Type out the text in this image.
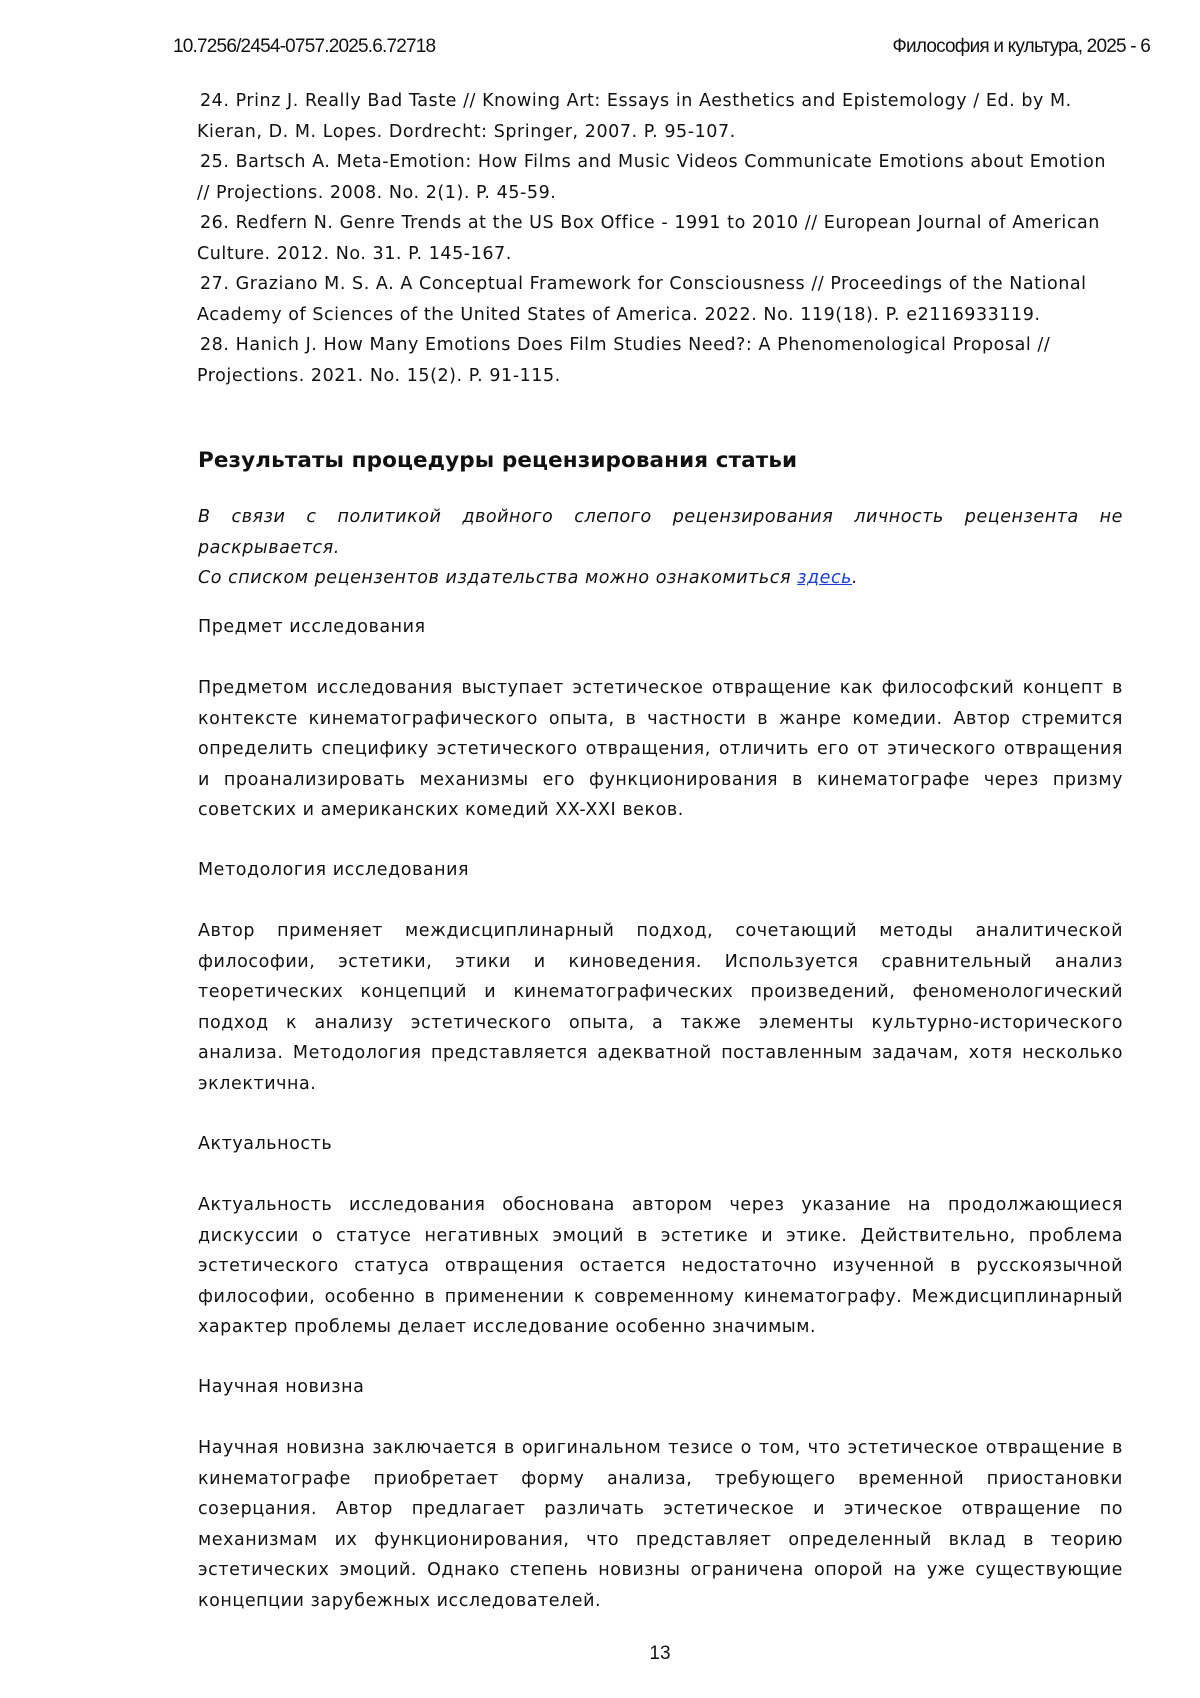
10.7256/2454-0757.2025.6.72718	Философия и культура, 2025 - 6

24. Prinz J. Really Bad Taste // Knowing Art: Essays in Aesthetics and Epistemology / Ed. by M. Kieran, D. M. Lopes. Dordrecht: Springer, 2007. P. 95-107.

25. Bartsch A. Meta-Emotion: How Films and Music Videos Communicate Emotions about Emotion // Projections. 2008. No. 2(1). P. 45-59.

26. Redfern N. Genre Trends at the US Box Office - 1991 to 2010 // European Journal of American Culture. 2012. No. 31. P. 145-167.

27. Graziano M. S. A. A Conceptual Framework for Consciousness // Proceedings of the National Academy of Sciences of the United States of America. 2022. No. 119(18). P. e2116933119.

28. Hanich J. How Many Emotions Does Film Studies Need?: A Phenomenological Proposal // Projections. 2021. No. 15(2). P. 91-115.

Результаты процедуры рецензирования статьи

В связи с политикой двойного слепого рецензирования личность рецензента не раскрывается.

Со списком рецензентов издательства можно ознакомиться здесь.

Предмет исследования

Предметом исследования выступает эстетическое отвращение как философский концепт в контексте кинематографического опыта, в частности в жанре комедии. Автор стремится определить специфику эстетического отвращения, отличить его от этического отвращения и проанализировать механизмы его функционирования в кинематографе через призму советских и американских комедий XX-XXI веков.

Методология исследования

Автор применяет междисциплинарный подход, сочетающий методы аналитической философии, эстетики, этики и киноведения. Используется сравнительный анализ теоретических концепций и кинематографических произведений, феноменологический подход к анализу эстетического опыта, а также элементы культурно-исторического анализа. Методология представляется адекватной поставленным задачам, хотя несколько эклектична.

Актуальность

Актуальность исследования обоснована автором через указание на продолжающиеся дискуссии о статусе негативных эмоций в эстетике и этике. Действительно, проблема эстетического статуса отвращения остается недостаточно изученной в русскоязычной философии, особенно в применении к современному кинематографу. Междисциплинарный характер проблемы делает исследование особенно значимым.

Научная новизна

Научная новизна заключается в оригинальном тезисе о том, что эстетическое отвращение в кинематографе приобретает форму анализа, требующего временной приостановки созерцания. Автор предлагает различать эстетическое и этическое отвращение по механизмам их функционирования, что представляет определенный вклад в теорию эстетических эмоций. Однако степень новизны ограничена опорой на уже существующие концепции зарубежных исследователей.

13
